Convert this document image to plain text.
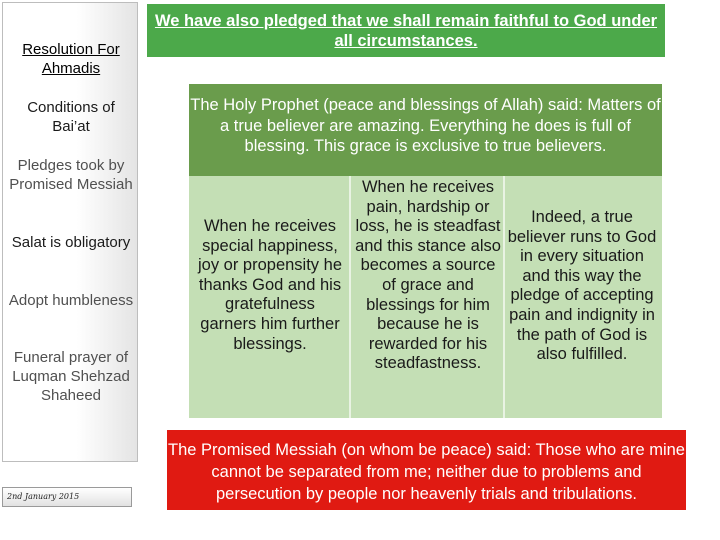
Resolution For Ahmadis
Conditions of Bai’at
Pledges took by Promised Messiah
Salat is obligatory
Adopt humbleness
Funeral prayer of Luqman Shehzad Shaheed
2nd January 2015
We have also pledged that we shall remain faithful to God under all circumstances.
The Holy Prophet (peace and blessings of Allah) said: Matters of a true believer are amazing. Everything he does is full of blessing. This grace is exclusive to true believers.
When he receives special happiness, joy or propensity he thanks God and his gratefulness garners him further blessings.
When he receives pain, hardship or loss, he is steadfast and this stance also becomes a source of grace and blessings for him because he is rewarded for his steadfastness.
Indeed, a true believer runs to God in every situation and this way the pledge of accepting pain and indignity in the path of God is also fulfilled.
The Promised Messiah (on whom be peace) said: Those who are mine cannot be separated from me; neither due to problems and persecution by people nor heavenly trials and tribulations.
